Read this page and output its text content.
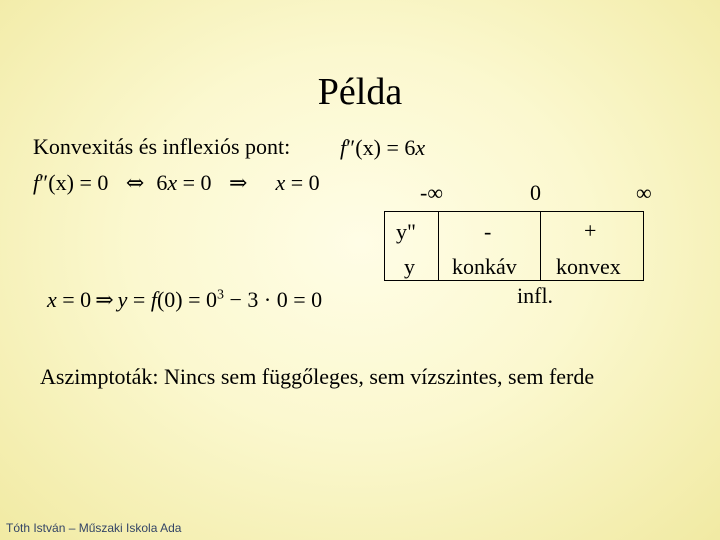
Példa
Konvexitás és inflexiós pont: f″(x) = 6x
f″(x) = 0 ⇔ 6x = 0 ⇒ x = 0
x = 0 ⇒ $y = f(0) = 0^3 - 3 \cdot 0 = 0$
-∞	0	∞
y"	-	+
y konkáv konvex
infl.
Aszimptoták: Nincs sem függőleges, sem vízszintes, sem ferde
Tóth István – Műszaki Iskola Ada
